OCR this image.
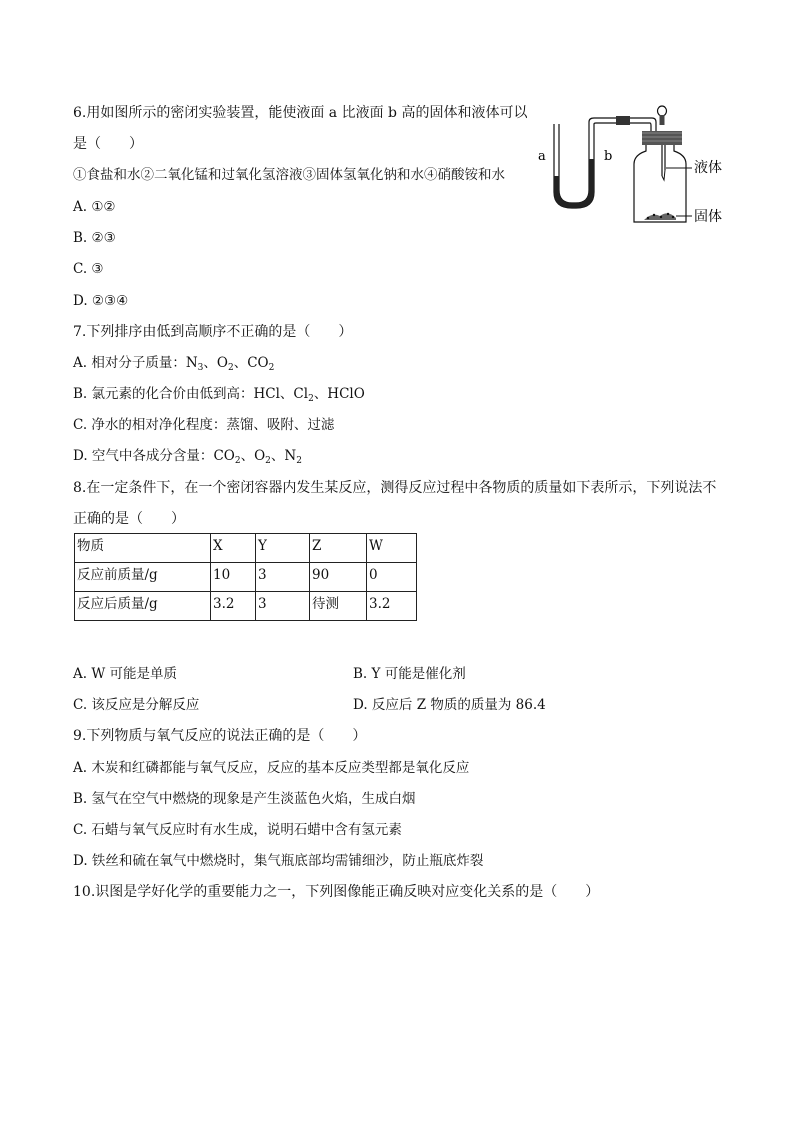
6.用如图所示的密闭实验装置，能使液面 a 比液面 b 高的固体和液体可以
是（　　）
①食盐和水②二氧化锰和过氧化氢溶液③固体氢氧化钠和水④硝酸铵和水
A. ①②
B. ②③
C. ③
D. ②③④
a	b
液体
固体
7.下列排序由低到高顺序不正确的是（　　）
A. 相对分子质量：$N_3$、$O_2$、$CO_2$
B. 氯元素的化合价由低到高：HCl、$Cl_2$、HClO
C. 净水的相对净化程度：蒸馏、吸附、过滤
D. 空气中各成分含量：$CO_2$、$O_2$、$N_2$
8.在一定条件下，在一个密闭容器内发生某反应，测得反应过程中各物质的质量如下表所示，下列说法不
正确的是（　　）
物质	X	Y	Z	W
反应前质量/g	10	3	90	0
反应后质量/g	3.2	3	待测	3.2
A. W 可能是单质	B. Y 可能是催化剂
C. 该反应是分解反应	D. 反应后 Z 物质的质量为 86.4
9.下列物质与氧气反应的说法正确的是（　　）
A. 木炭和红磷都能与氧气反应，反应的基本反应类型都是氧化反应
B. 氢气在空气中燃烧的现象是产生淡蓝色火焰，生成白烟
C. 石蜡与氧气反应时有水生成，说明石蜡中含有氢元素
D. 铁丝和硫在氧气中燃烧时，集气瓶底部均需铺细沙，防止瓶底炸裂
10.识图是学好化学的重要能力之一，下列图像能正确反映对应变化关系的是（　　）
